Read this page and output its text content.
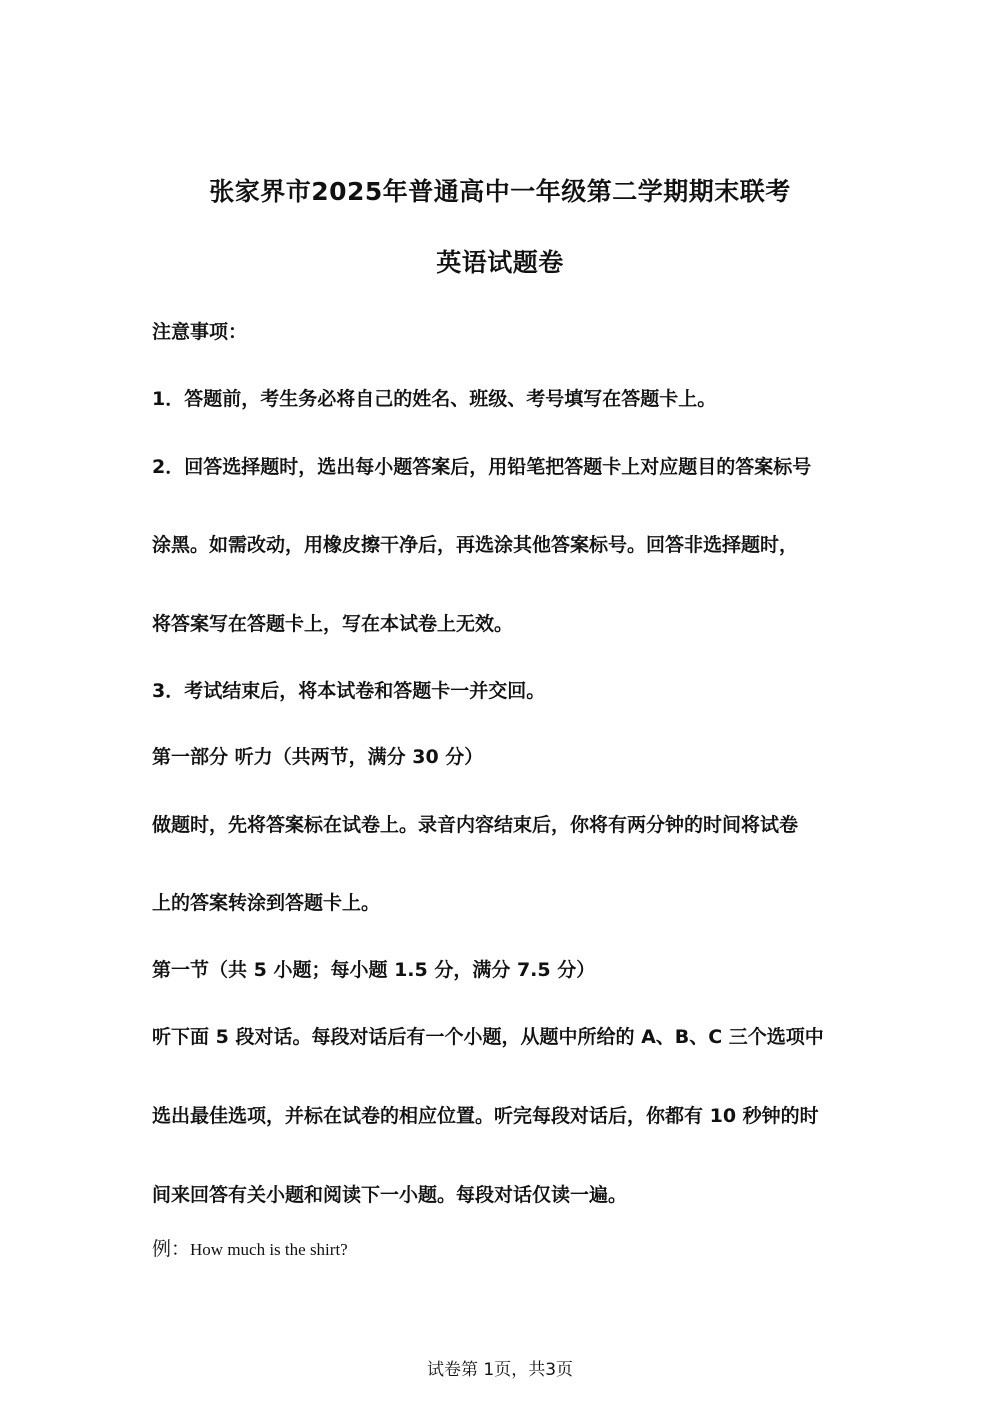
张家界市2025年普通高中一年级第二学期期末联考
英语试题卷
注意事项：
1．答题前，考生务必将自己的姓名、班级、考号填写在答题卡上。
2．回答选择题时，选出每小题答案后，用铅笔把答题卡上对应题目的答案标号
涂黑。如需改动，用橡皮擦干净后，再选涂其他答案标号。回答非选择题时，
将答案写在答题卡上，写在本试卷上无效。
3．考试结束后，将本试卷和答题卡一并交回。
第一部分 听力（共两节，满分 30 分）
做题时，先将答案标在试卷上。录音内容结束后，你将有两分钟的时间将试卷
上的答案转涂到答题卡上。
第一节（共 5 小题；每小题 1.5 分，满分 7.5 分）
听下面 5 段对话。每段对话后有一个小题，从题中所给的 A、B、C 三个选项中
选出最佳选项，并标在试卷的相应位置。听完每段对话后，你都有 10 秒钟的时
间来回答有关小题和阅读下一小题。每段对话仅读一遍。
例：How much is the shirt?
试卷第 1页，共3页
